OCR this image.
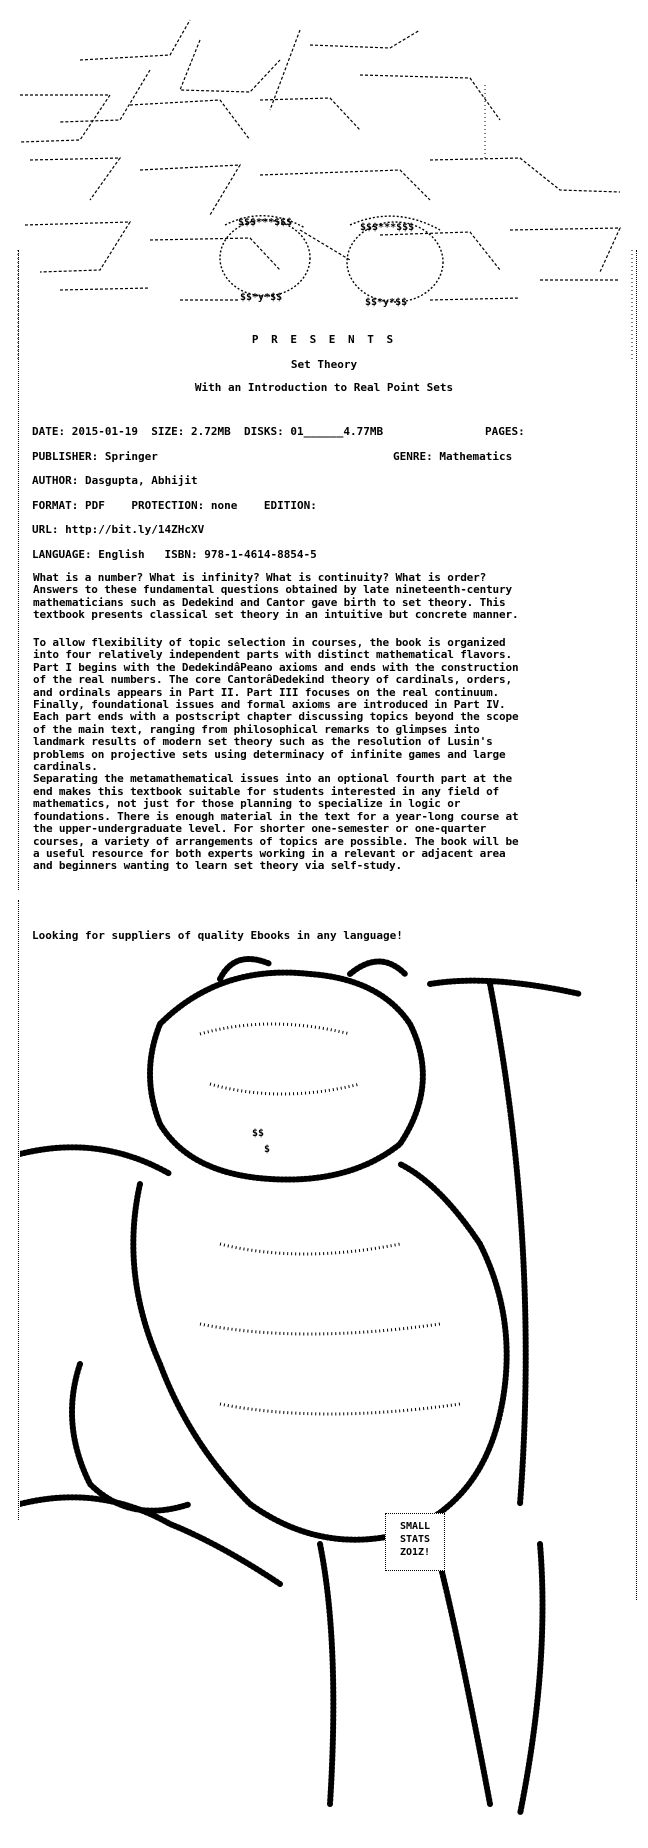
$$$***$$$	$$$***$$$
$$*y*$$	$$*y*$$
P R E S E N T S
Set Theory
With an Introduction to Real Point Sets
DATE: 2015-01-19 SIZE: 2.72MB DISKS: 01______4.77MB	PAGES:
PUBLISHER: Springer	GENRE: Mathematics
AUTHOR: Dasgupta, Abhijit
FORMAT: PDF PROTECTION: none EDITION:
URL: http://bit.ly/14ZHcXV
LANGUAGE: English ISBN: 978-1-4614-8854-5
What is a number? What is infinity? What is continuity? What is order?
Answers to these fundamental questions obtained by late nineteenth-century
mathematicians such as Dedekind and Cantor gave birth to set theory. This
textbook presents classical set theory in an intuitive but concrete manner.
To allow flexibility of topic selection in courses, the book is organized
into four relatively independent parts with distinct mathematical flavors.
Part I begins with the DedekindâPeano axioms and ends with the construction
of the real numbers. The core CantorâDedekind theory of cardinals, orders,
and ordinals appears in Part II. Part III focuses on the real continuum.
Finally, foundational issues and formal axioms are introduced in Part IV.
Each part ends with a postscript chapter discussing topics beyond the scope
of the main text, ranging from philosophical remarks to glimpses into
landmark results of modern set theory such as the resolution of Lusin's
problems on projective sets using determinacy of infinite games and large
cardinals.
Separating the metamathematical issues into an optional fourth part at the
end makes this textbook suitable for students interested in any field of
mathematics, not just for those planning to specialize in logic or
foundations. There is enough material in the text for a year-long course at
the upper-undergraduate level. For shorter one-semester or one-quarter
courses, a variety of arrangements of topics are possible. The book will be
a useful resource for both experts working in a relevant or adjacent area
and beginners wanting to learn set theory via self-study.
Looking for suppliers of quality Ebooks in any language!
$$
$
SMALL
STATS
ZO1Z!
